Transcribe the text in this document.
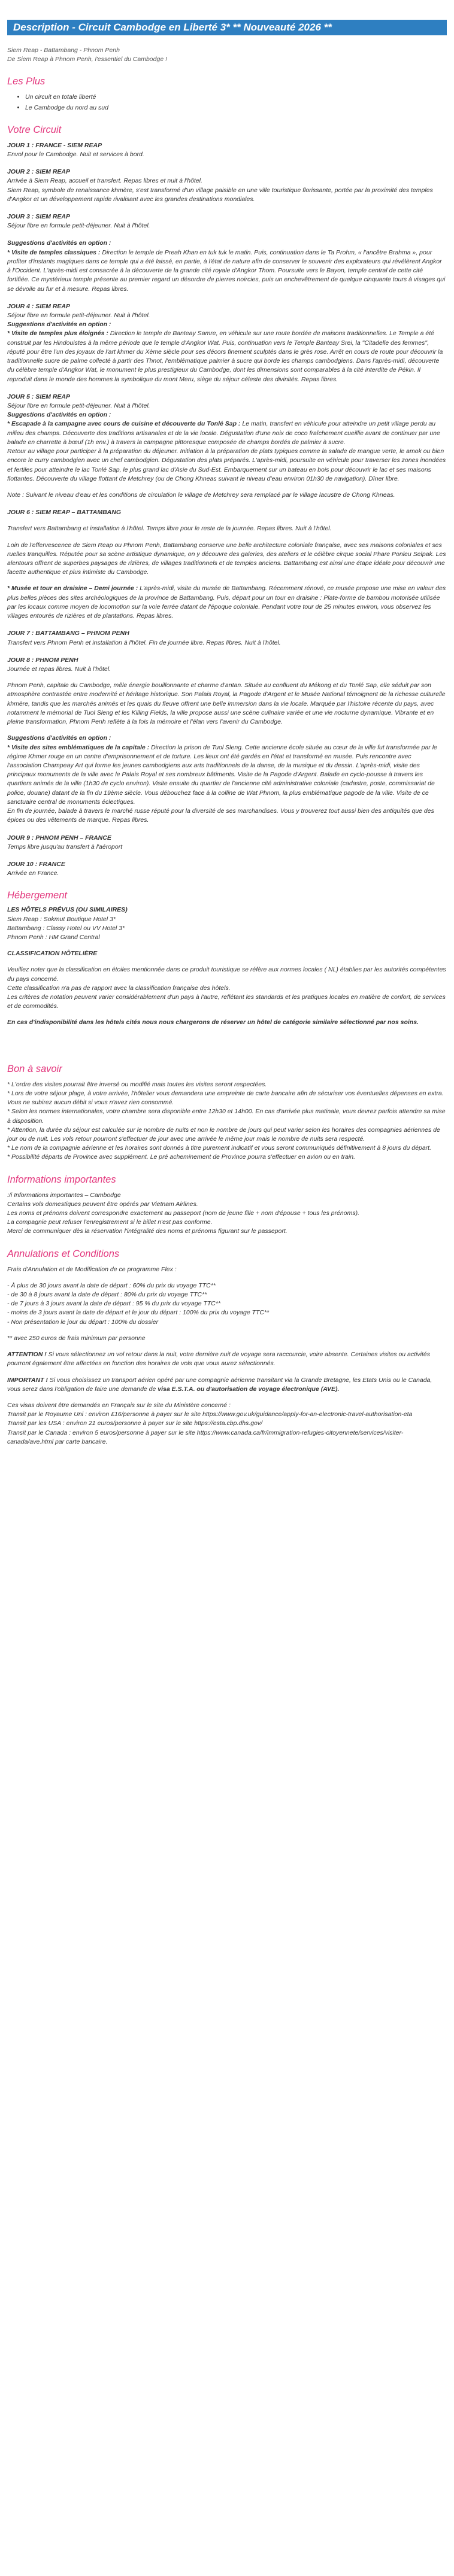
Description - Circuit Cambodge en Liberté 3* ** Nouveauté 2026 **
Siem Reap - Battambang - Phnom Penh
De Siem Reap à Phnom Penh, l'essentiel du Cambodge !
Les Plus
• Un circuit en totale liberté
• Le Cambodge du nord au sud
Votre Circuit

JOUR 1 : FRANCE - SIEM REAP

Envol pour le Cambodge. Nuit et services à bord.

JOUR 2 : SIEM REAP

Arrivée à Siem Reap, accueil et transfert. Repas libres et nuit à l'hôtel.

Siem Reap, symbole de renaissance khmère, s'est transformé d'un village paisible en une ville touristique florissante, portée par la proximité des temples d'Angkor et un développement rapide rivalisant avec les grandes destinations mondiales.

JOUR 3 : SIEM REAP

Séjour libre en formule petit-déjeuner. Nuit à l'hôtel.

Suggestions d'activités en option :

* Visite de temples classiques : Direction le temple de Preah Khan en tuk tuk le matin. Puis, continuation dans le Ta Prohm, « l'ancêtre Brahma », pour profiter d'instants magiques dans ce temple qui a été laissé, en partie, à l'état de nature afin de conserver le souvenir des explorateurs qui révélèrent Angkor à l'Occident. L'après-midi est consacrée à la découverte de la grande cité royale d'Angkor Thom. Poursuite vers le Bayon, temple central de cette cité fortifiée. Ce mystérieux temple présente au premier regard un désordre de pierres noircies, puis un enchevêtrement de quelque cinquante tours à visages qui se dévoile au fur et à mesure. Repas libres.

JOUR 4 : SIEM REAP

Séjour libre en formule petit-déjeuner. Nuit à l'hôtel.

Suggestions d'activités en option :

* Visite de temples plus éloignés : Direction le temple de Banteay Samre, en véhicule sur une route bordée de maisons traditionnelles. Le Temple a été construit par les Hindouistes à la même période que le temple d'Angkor Wat. Puis, continuation vers le Temple Banteay Srei, la "Citadelle des femmes", réputé pour être l'un des joyaux de l'art khmer du Xème siècle pour ses décors finement sculptés dans le grès rose. Arrêt en cours de route pour découvrir la traditionnelle sucre de palme collecté à partir des Thnot, l'emblématique palmier à sucre qui borde les champs cambodgiens. Dans l'après-midi, découverte du célèbre temple d'Angkor Wat, le monument le plus prestigieux du Cambodge, dont les dimensions sont comparables à la cité interdite de Pékin. Il reproduit dans le monde des hommes la symbolique du mont Meru, siège du séjour céleste des divinités. Repas libres.

JOUR 5 : SIEM REAP

Séjour libre en formule petit-déjeuner. Nuit à l'hôtel.

Suggestions d'activités en option :

* Escapade à la campagne avec cours de cuisine et découverte du Tonlé Sap : Le matin, transfert en véhicule pour atteindre un petit village perdu au milieu des champs. Découverte des traditions artisanales et de la vie locale. Dégustation d'une noix de coco fraîchement cueillie avant de continuer par une balade en charrette à bœuf (1h env.) à travers la campagne pittoresque composée de champs bordés de palmier à sucre.

Retour au village pour participer à la préparation du déjeuner. Initiation à la préparation de plats typiques comme la salade de mangue verte, le amok ou bien encore le curry cambodgien avec un chef cambodgien. Dégustation des plats préparés. L'après-midi, poursuite en véhicule pour traverser les zones inondées et fertiles pour atteindre le lac Tonlé Sap, le plus grand lac d'Asie du Sud-Est. Embarquement sur un bateau en bois pour découvrir le lac et ses maisons flottantes. Découverte du village flottant de Metchrey (ou de Chong Khneas suivant le niveau d'eau environ 01h30 de navigation). Dîner libre.

Note : Suivant le niveau d'eau et les conditions de circulation le village de Metchrey sera remplacé par le village lacustre de Chong Khneas.

JOUR 6 : SIEM REAP – BATTAMBANG

Transfert vers Battambang et installation à l'hôtel. Temps libre pour le reste de la journée. Repas libres. Nuit à l'hôtel.

Loin de l'effervescence de Siem Reap ou Phnom Penh, Battambang conserve une belle architecture coloniale française, avec ses maisons coloniales et ses ruelles tranquilles. Réputée pour sa scène artistique dynamique, on y découvre des galeries, des ateliers et le célèbre cirque social Phare Ponleu Selpak. Les alentours offrent de superbes paysages de rizières, de villages traditionnels et de temples anciens. Battambang est ainsi une étape idéale pour découvrir une facette authentique et plus intimiste du Cambodge.

* Musée et tour en draisine – Demi journée : L'après-midi, visite du musée de Battambang. Récemment rénové, ce musée propose une mise en valeur des plus belles pièces des sites archéologiques de la province de Battambang. Puis, départ pour un tour en draisine : Plate-forme de bambou motorisée utilisée par les locaux comme moyen de locomotion sur la voie ferrée datant de l'époque coloniale. Pendant votre tour de 25 minutes environ, vous observez les villages entourés de rizières et de plantations. Repas libres.

JOUR 7 : BATTAMBANG – PHNOM PENH

Transfert vers Phnom Penh et installation à l'hôtel. Fin de journée libre. Repas libres. Nuit à l'hôtel.

JOUR 8 : PHNOM PENH

Journée et repas libres. Nuit à l'hôtel.

Phnom Penh, capitale du Cambodge, mêle énergie bouillonnante et charme d'antan. Située au confluent du Mékong et du Tonlé Sap, elle séduit par son atmosphère contrastée entre modernité et héritage historique. Son Palais Royal, la Pagode d'Argent et le Musée National témoignent de la richesse culturelle khmère, tandis que les marchés animés et les quais du fleuve offrent une belle immersion dans la vie locale. Marquée par l'histoire récente du pays, avec notamment le mémorial de Tuol Sleng et les Killing Fields, la ville propose aussi une scène culinaire variée et une vie nocturne dynamique. Vibrante et en pleine transformation, Phnom Penh reflète à la fois la mémoire et l'élan vers l'avenir du Cambodge.

Suggestions d'activités en option :

* Visite des sites emblématiques de la capitale : Direction la prison de Tuol Sleng. Cette ancienne école située au cœur de la ville fut transformée par le régime Khmer rouge en un centre d'emprisonnement et de torture. Les lieux ont été gardés en l'état et transformé en musée. Puis rencontre avec l'association Champeay Art qui forme les jeunes cambodgiens aux arts traditionnels de la danse, de la musique et du dessin. L'après-midi, visite des principaux monuments de la ville avec le Palais Royal et ses nombreux bâtiments. Visite de la Pagode d'Argent. Balade en cyclo-pousse à travers les quartiers animés de la ville (1h30 de cyclo environ). Visite ensuite du quartier de l'ancienne cité administrative coloniale (cadastre, poste, commissariat de police, douane) datant de la fin du 19ème siècle. Vous débouchez face à la colline de Wat Phnom, la plus emblématique pagode de la ville. Visite de ce sanctuaire central de monuments éclectiques.

En fin de journée, balade à travers le marché russe réputé pour la diversité de ses marchandises. Vous y trouverez tout aussi bien des antiquités que des épices ou des vêtements de marque. Repas libres.

JOUR 9 : PHNOM PENH – FRANCE

Temps libre jusqu'au transfert à l'aéroport

JOUR 10 : FRANCE

Arrivée en France.

Hébergement

LES HÔTELS PRÉVUS (OU SIMILAIRES)

Siem Reap : Sokmut Boutique Hotel 3*

Battambang : Classy Hotel ou VV Hotel 3*

Phnom Penh : HM Grand Central

CLASSIFICATION HÔTELIÈRE

Veuillez noter que la classification en étoiles mentionnée dans ce produit touristique se réfère aux normes locales ( NL) établies par les autorités compétentes du pays concerné.

Cette classification n'a pas de rapport avec la classification française des hôtels.

Les critères de notation peuvent varier considérablement d'un pays à l'autre, reflétant les standards et les pratiques locales en matière de confort, de services et de commodités.

En cas d'indisponibilité dans les hôtels cités nous nous chargerons de réserver un hôtel de catégorie similaire sélectionné par nos soins.

Bon à savoir

* L'ordre des visites pourrait être inversé ou modifié mais toutes les visites seront respectées.

* Lors de votre séjour plage, à votre arrivée, l'hôtelier vous demandera une empreinte de carte bancaire afin de sécuriser vos éventuelles dépenses en extra. Vous ne subirez aucun débit si vous n'avez rien consommé.

* Selon les normes internationales, votre chambre sera disponible entre 12h30 et 14h00. En cas d'arrivée plus matinale, vous devrez parfois attendre sa mise à disposition.

* Attention, la durée du séjour est calculée sur le nombre de nuits et non le nombre de jours qui peut varier selon les horaires des compagnies aériennes de jour ou de nuit. Les vols retour pourront s'effectuer de jour avec une arrivée le même jour mais le nombre de nuits sera respecté.

* Le nom de la compagnie aérienne et les horaires sont donnés à titre purement indicatif et vous seront communiqués définitivement à 8 jours du départ.

* Possibilité départs de Province avec supplément. Le pré acheminement de Province pourra s'effectuer en avion ou en train.

Informations importantes

:/i Informations importantes – Cambodge

Certains vols domestiques peuvent être opérés par Vietnam Airlines.

Les noms et prénoms doivent correspondre exactement au passeport (nom de jeune fille + nom d'épouse + tous les prénoms).

La compagnie peut refuser l'enregistrement si le billet n'est pas conforme.

Merci de communiquer dès la réservation l'intégralité des noms et prénoms figurant sur le passeport.

Annulations et Conditions

Frais d'Annulation et de Modification de ce programme Flex :

- À plus de 30 jours avant la date de départ : 60% du prix du voyage TTC**

- de 30 à 8 jours avant la date de départ : 80% du prix du voyage TTC**

- de 7 jours à 3 jours avant la date de départ : 95 % du prix du voyage TTC**

- moins de 3 jours avant la date de départ et le jour du départ : 100% du prix du voyage TTC**

- Non présentation le jour du départ : 100% du dossier

** avec 250 euros de frais minimum par personne

ATTENTION ! Si vous sélectionnez un vol retour dans la nuit, votre dernière nuit de voyage sera raccourcie, voire absente. Certaines visites ou activités pourront également être affectées en fonction des horaires de vols que vous aurez sélectionnés.

IMPORTANT ! Si vous choisissez un transport aérien opéré par une compagnie aérienne transitant via la Grande Bretagne, les Etats Unis ou le Canada, vous serez dans l'obligation de faire une demande de visa E.S.T.A. ou d'autorisation de voyage électronique (AVE).

Ces visas doivent être demandés en Français sur le site du Ministère concerné :

Transit par le Royaume Uni : environ £16/personne à payer sur le site https://www.gov.uk/guidance/apply-for-an-electronic-travel-authorisation-eta

Transit par les USA : environ 21 euros/personne à payer sur le site https://esta.cbp.dhs.gov/

Transit par le Canada : environ 5 euros/personne à payer sur le site https://www.canada.ca/fr/immigration-refugies-citoyennete/services/visiter-canada/ave.html par carte bancaire.
